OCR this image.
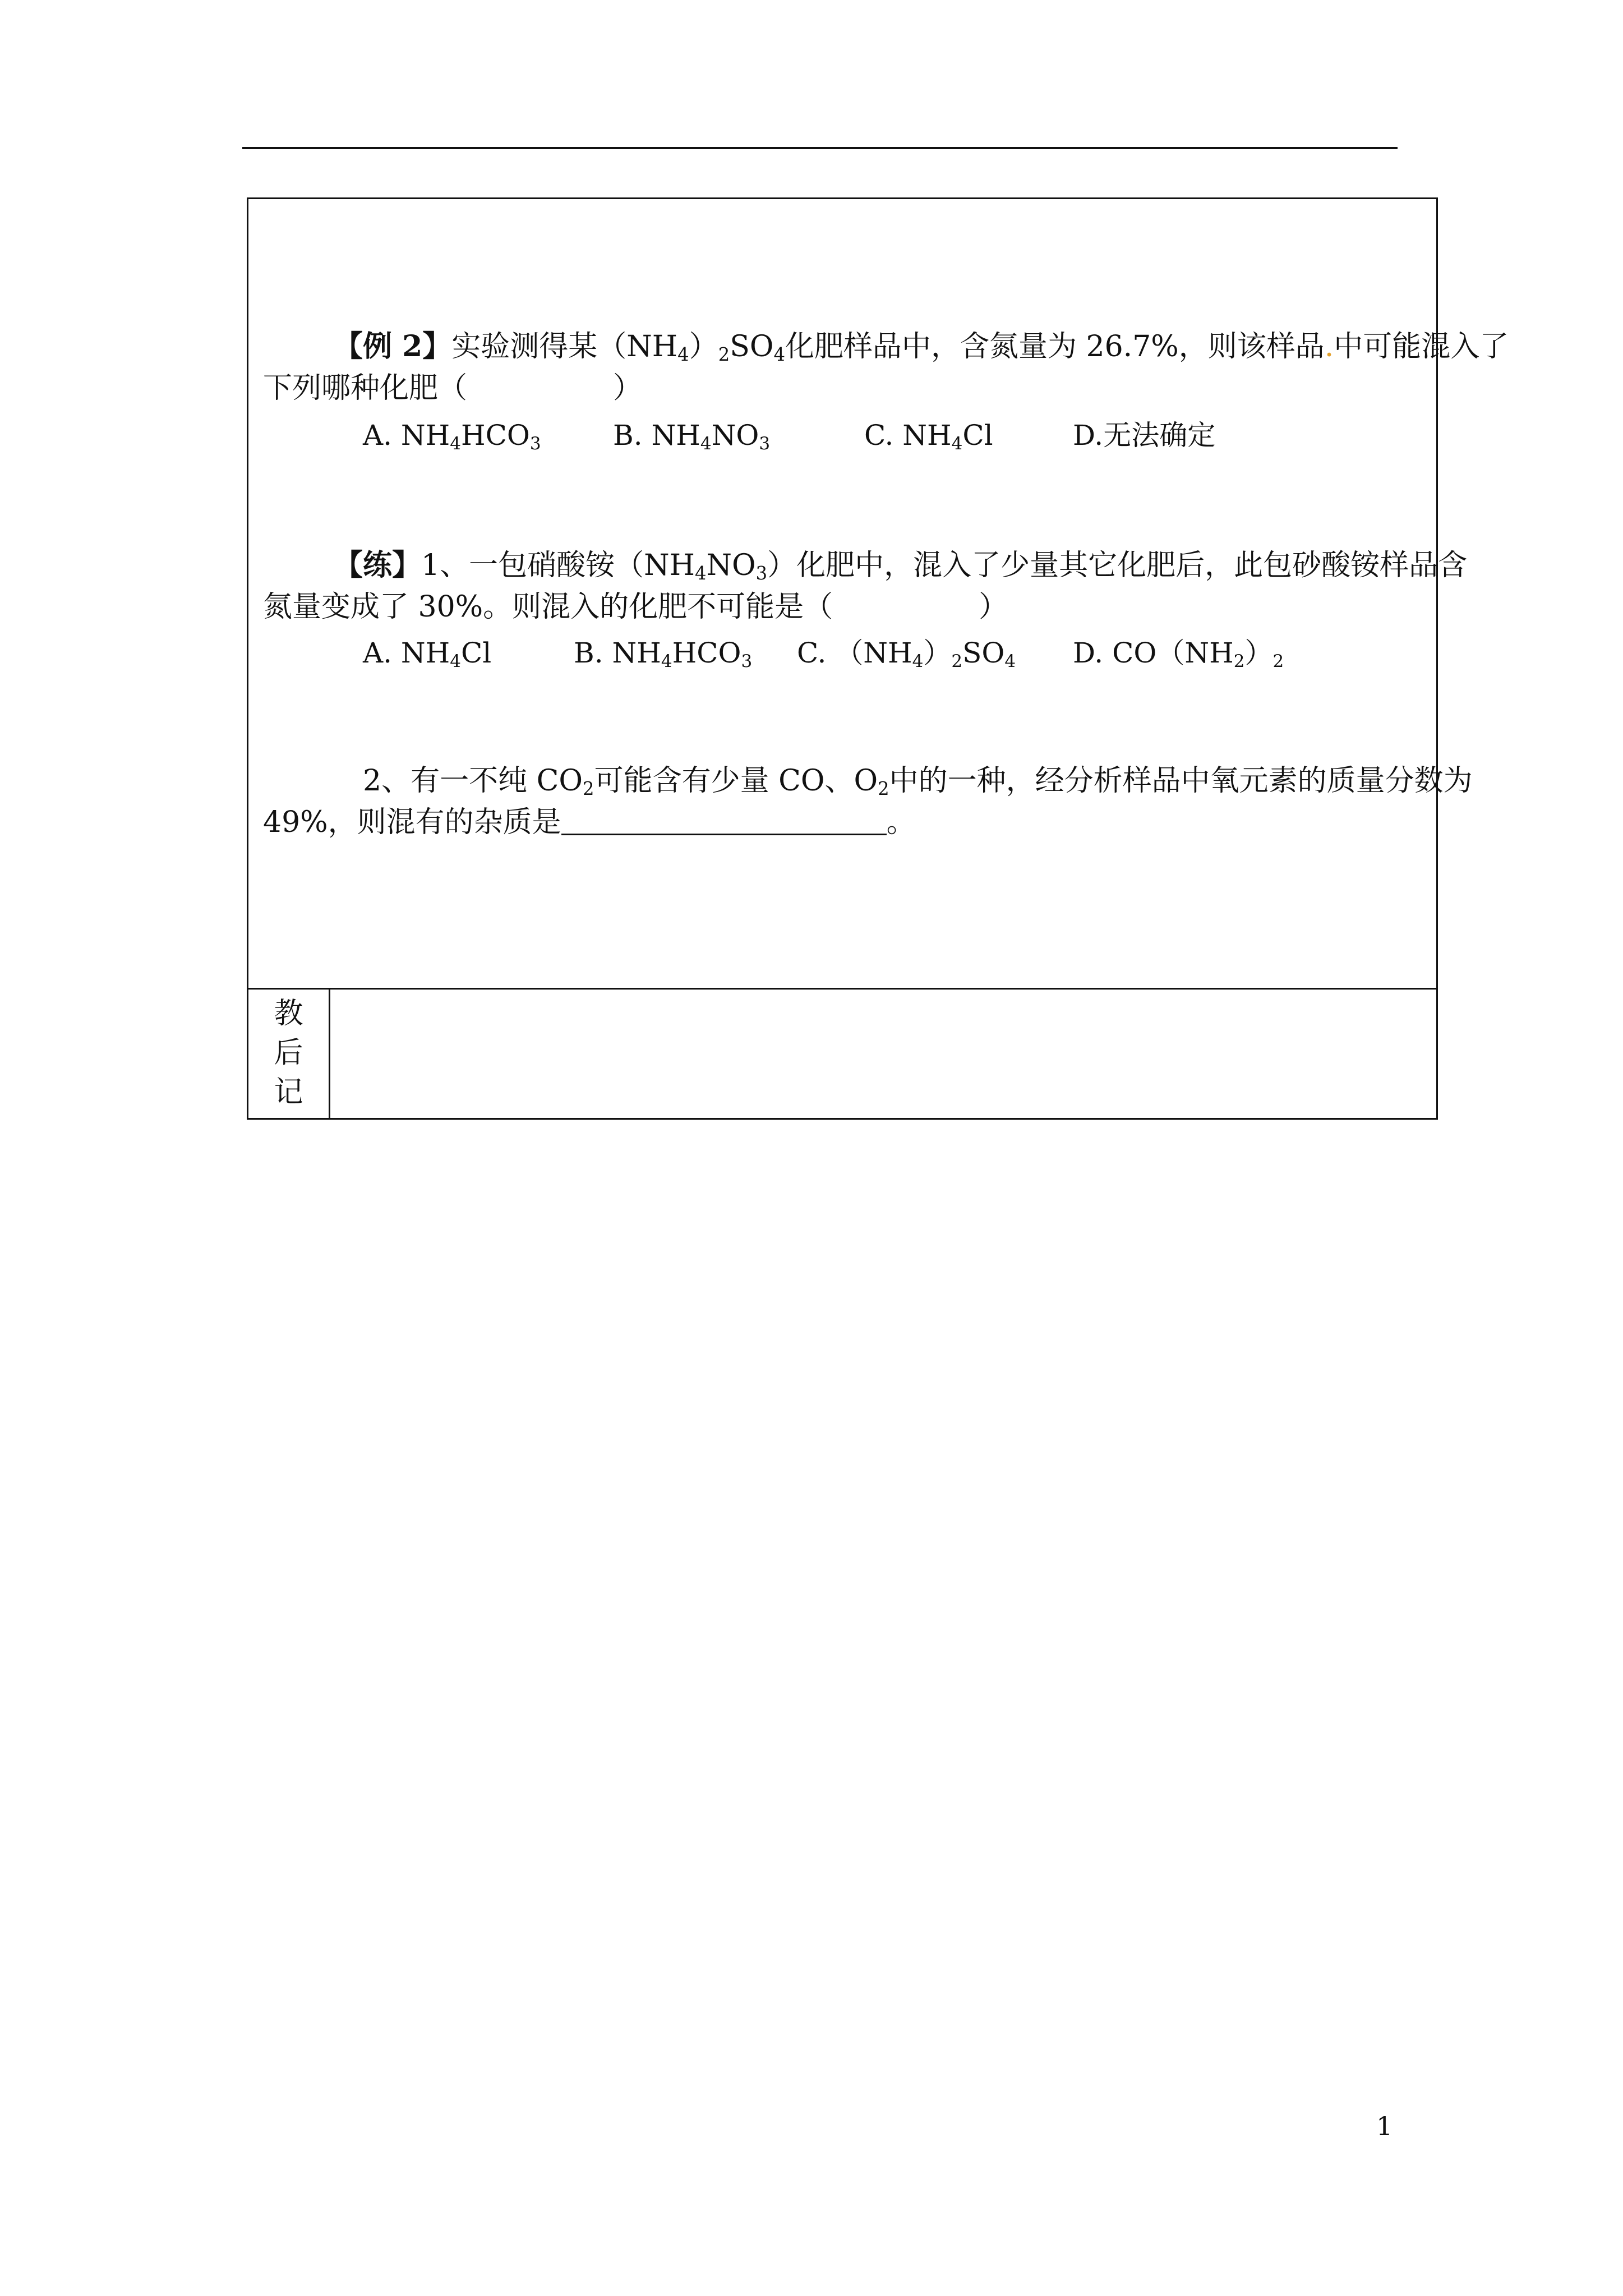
【例 2】实验测得某$(NH_4)_2SO_4$化肥样品中，含氮量为 26.7%，则该样品.中可能混入了
下列哪种化肥（　　　　　）
A. $NH_4HCO_3$	B. $NH_4NO_3$	C. $NH_4Cl$	D.无法确定
【练】1、一包硝酸铵$(NH_4NO_3)$化肥中，混入了少量其它化肥后，此包砂酸铵样品含
氮量变成了 30%。则混入的化肥不可能是（　　　　　）
A. $NH_4Cl$	B. $NH_4HCO_3$ C. $(NH_4)_2SO_4$ D. $CO(NH_2)_2$
2、有一不纯 $CO_2$可能含有少量 CO、$O_2$中的一种，经分析样品中氧元素的质量分数为
49%，则混有的杂质是	。
教
后
记
1
